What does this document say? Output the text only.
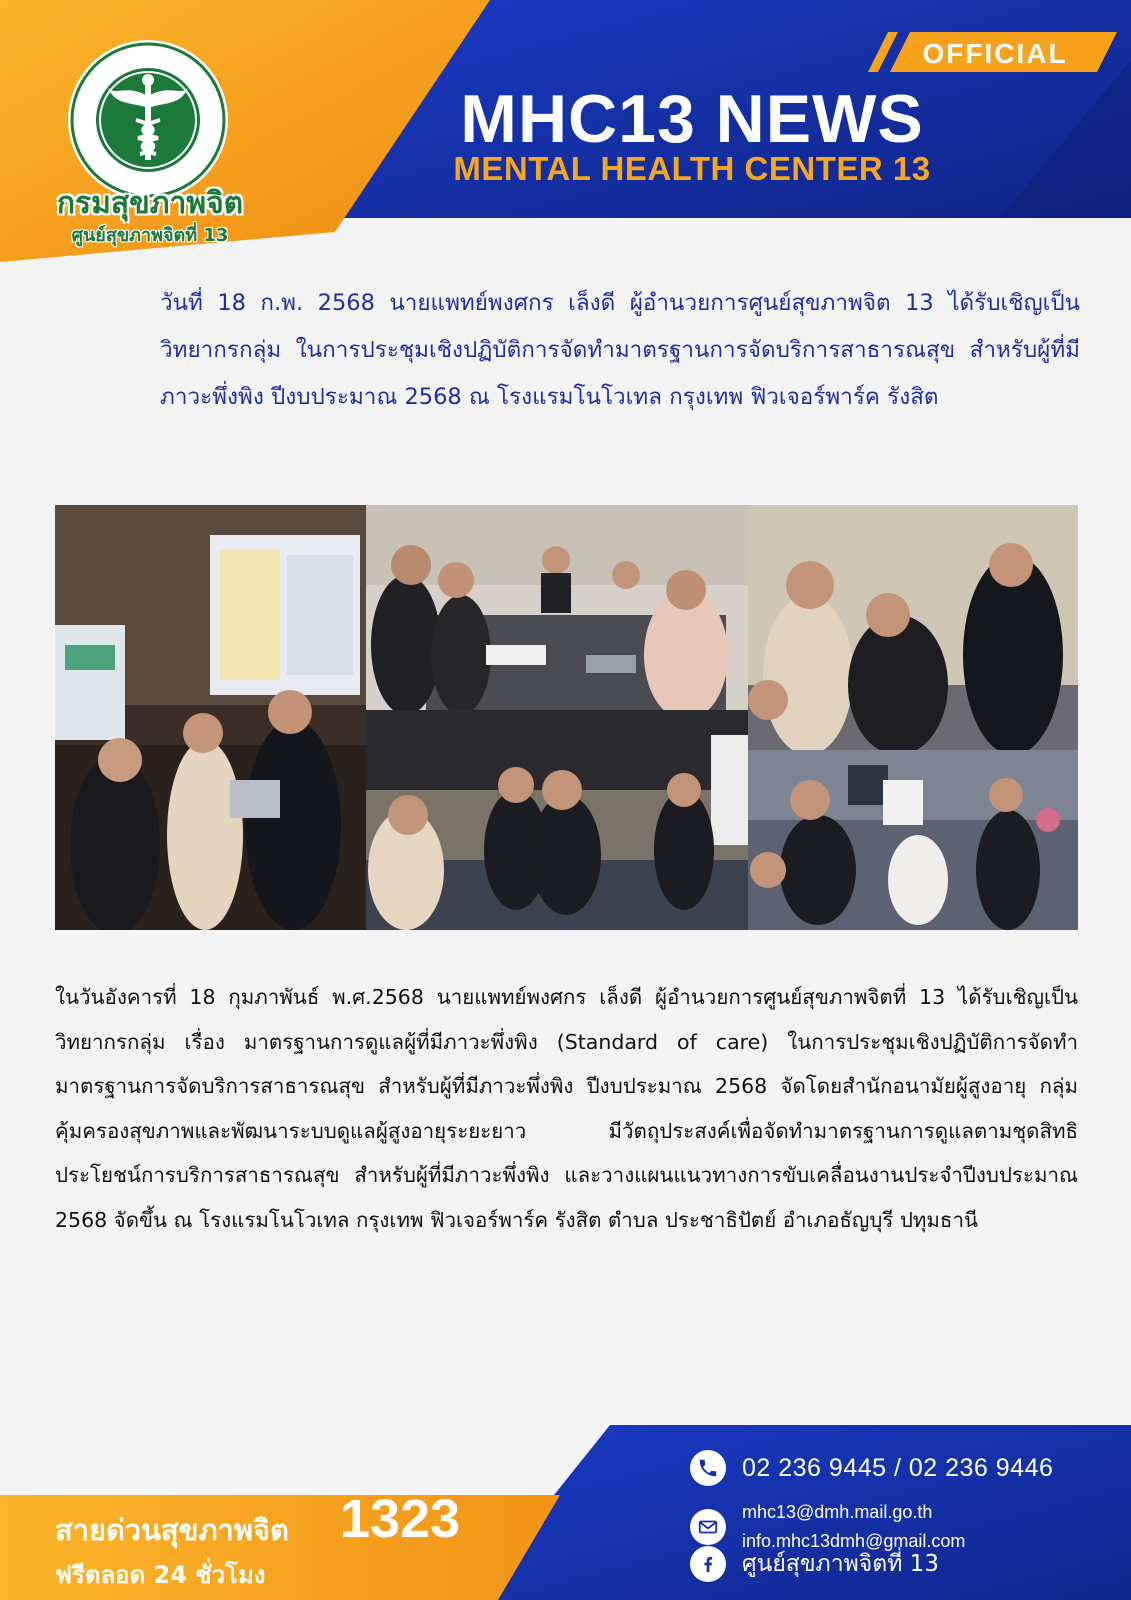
กรมสุขภาพจิต
ศูนย์สุขภาพจิตที่ 13
OFFICIAL
MHC13 NEWS
MENTAL HEALTH CENTER 13

วันที่ 18 ก.พ. 2568 นายแพทย์พงศกร เล็งดี ผู้อำนวยการศูนย์สุขภาพจิต 13 ได้รับเชิญเป็นวิทยากรกลุ่ม ในการประชุมเชิงปฏิบัติการจัดทำมาตรฐานการจัดบริการสาธารณสุข สำหรับผู้ที่มีภาวะพึ่งพิง ปีงบประมาณ 2568 ณ โรงแรมโนโวเทล กรุงเทพ ฟิวเจอร์พาร์ค รังสิต

ในวันอังคารที่ 18 กุมภาพันธ์ พ.ศ.2568 นายแพทย์พงศกร เล็งดี ผู้อำนวยการศูนย์สุขภาพจิตที่ 13 ได้รับเชิญเป็นวิทยากรกลุ่ม เรื่อง มาตรฐานการดูแลผู้ที่มีภาวะพึ่งพิง (Standard of care) ในการประชุมเชิงปฏิบัติการจัดทำมาตรฐานการจัดบริการสาธารณสุข สำหรับผู้ที่มีภาวะพึ่งพิง ปีงบประมาณ 2568 จัดโดยสำนักอนามัยผู้สูงอายุ กลุ่มคุ้มครองสุขภาพและพัฒนาระบบดูแลผู้สูงอายุระยะยาว มีวัตถุประสงค์เพื่อจัดทำมาตรฐานการดูแลตามชุดสิทธิประโยชน์การบริการสาธารณสุข สำหรับผู้ที่มีภาวะพึ่งพิง และวางแผนแนวทางการขับเคลื่อนงานประจำปีงบประมาณ 2568 จัดขึ้น ณ โรงแรมโนโวเทล กรุงเทพ ฟิวเจอร์พาร์ค รังสิต ตำบล ประชาธิปัตย์ อำเภอธัญบุรี ปทุมธานี

สายด่วนสุขภาพจิต 1323
ฟรีตลอด 24 ชั่วโมง
02 236 9445 / 02 236 9446
mhc13@dmh.mail.go.th
info.mhc13dmh@gmail.com
ศูนย์สุขภาพจิตที่ 13
